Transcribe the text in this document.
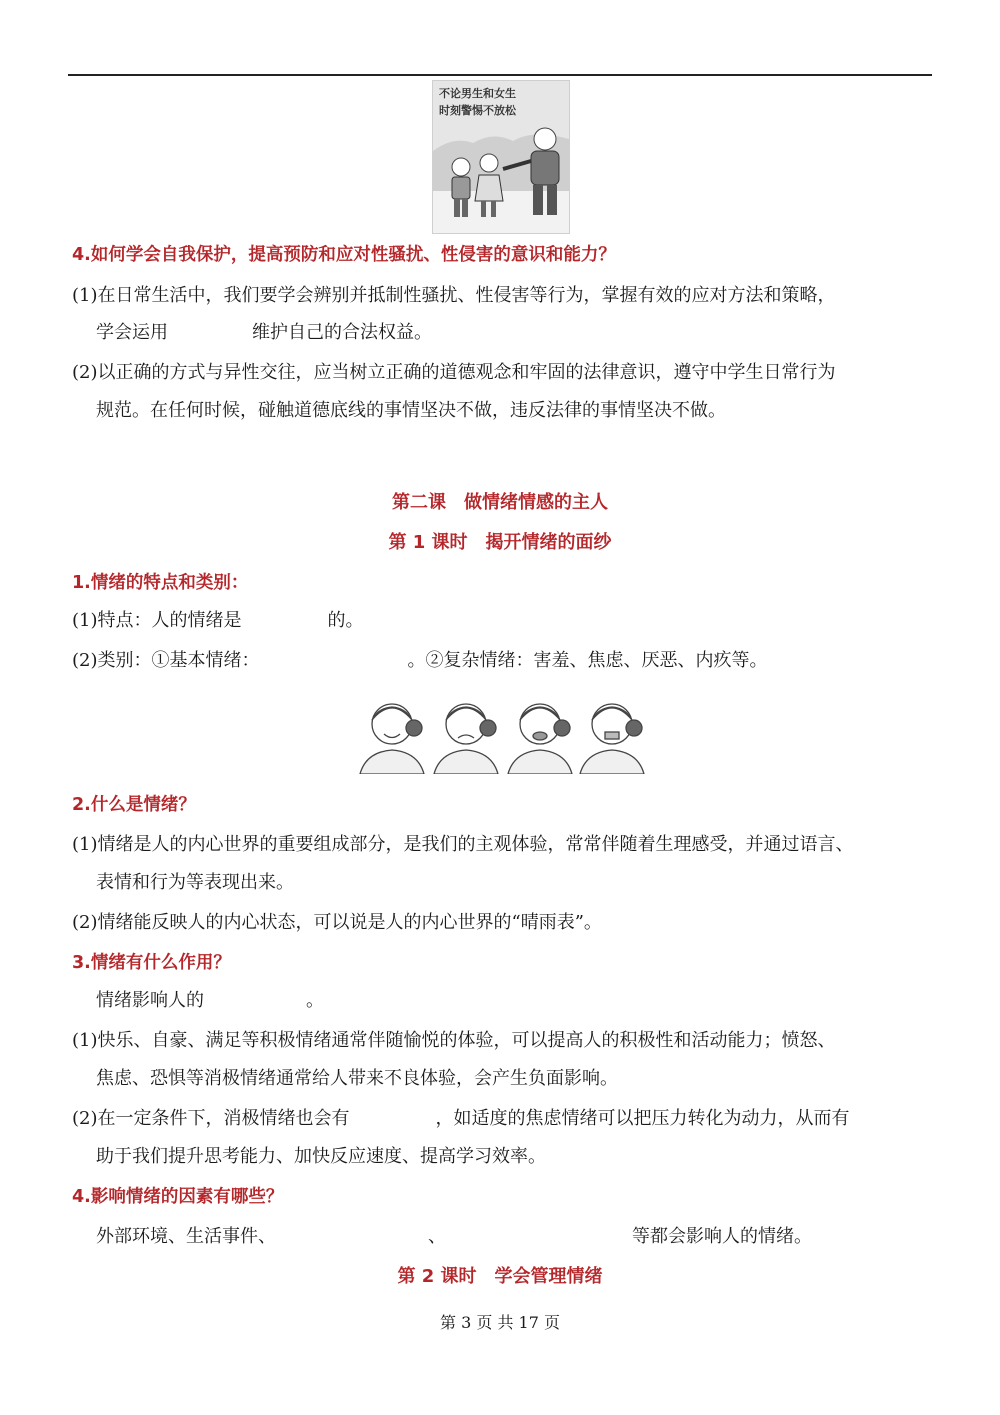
不论男生和女生
时刻警惕不放松
4.如何学会自我保护，提高预防和应对性骚扰、性侵害的意识和能力？
(1)在日常生活中，我们要学会辨别并抵制性骚扰、性侵害等行为，掌握有效的应对方法和策略，
学会运用	维护自己的合法权益。
(2)以正确的方式与异性交往，应当树立正确的道德观念和牢固的法律意识，遵守中学生日常行为
规范。在任何时候，碰触道德底线的事情坚决不做，违反法律的事情坚决不做。
第二课　做情绪情感的主人
第 1 课时　揭开情绪的面纱
1.情绪的特点和类别：
(1)特点：人的情绪是	的。
(2)类别：①基本情绪：	。②复杂情绪：害羞、焦虑、厌恶、内疚等。
2.什么是情绪？
(1)情绪是人的内心世界的重要组成部分，是我们的主观体验，常常伴随着生理感受，并通过语言、
表情和行为等表现出来。
(2)情绪能反映人的内心状态，可以说是人的内心世界的“晴雨表”。
3.情绪有什么作用？
情绪影响人的	。
(1)快乐、自豪、满足等积极情绪通常伴随愉悦的体验，可以提高人的积极性和活动能力；愤怒、
焦虑、恐惧等消极情绪通常给人带来不良体验，会产生负面影响。
(2)在一定条件下，消极情绪也会有	，如适度的焦虑情绪可以把压力转化为动力，从而有
助于我们提升思考能力、加快反应速度、提高学习效率。
4.影响情绪的因素有哪些？
外部环境、生活事件、	、	等都会影响人的情绪。
第 2 课时　学会管理情绪
第 3 页 共 17 页
